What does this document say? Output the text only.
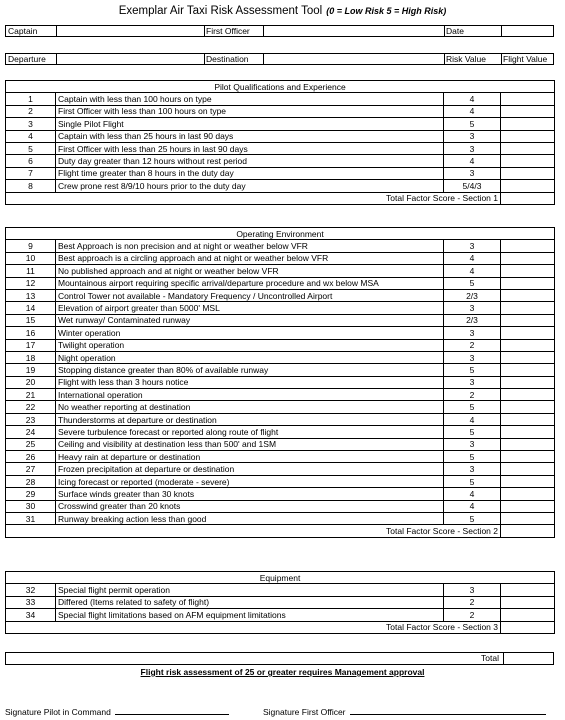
Exemplar Air Taxi Risk Assessment Tool (0 = Low Risk 5 = High Risk)
Captain	First Officer	Date
Departure	Destination	Risk Value Flight Value
Pilot Qualifications and Experience			
1	Captain with less than 100 hours on type	4	
2	First Officer with less than 100 hours on type	4	
3	Single Pilot Flight	5	
4	Captain with less than 25 hours in last 90 days	3	
5	First Officer with less than 25 hours in last 90 days	3	
6	Duty day greater than 12 hours without rest period	4	
7	Flight time greater than 8 hours in the duty day	3	
8	Crew prone rest 8/9/10 hours prior to the duty day	5/4/3	
Total Factor Score - Section 1			
Operating Environment			
9	Best Approach is non precision and at night or weather below VFR	3	
10	Best approach is a circling approach and at night or weather below VFR	4	
11	No published approach and at night or weather below VFR	4	
12	Mountainous airport requiring specific arrival/departure procedure and wx below MSA	5	
13	Control Tower not available - Mandatory Frequency / Uncontrolled Airport	2/3	
14	Elevation of airport greater than 5000' MSL	3	
15	Wet runway/ Contaminated runway	2/3	
16	Winter operation	3	
17	Twilight operation	2	
18	Night operation	3	
19	Stopping distance greater than 80% of available runway	5	
20	Flight with less than 3 hours notice	3	
21	International operation	2	
22	No weather reporting at destination	5	
23	Thunderstorms at departure or destination	4	
24	Severe turbulence forecast or reported along route of flight	5	
25	Ceiling and visibility at destination less than 500' and 1SM	3	
26	Heavy rain at departure or destination	5	
27	Frozen precipitation at departure or destination	3	
28	Icing forecast or reported (moderate - severe)	5	
29	Surface winds greater than 30 knots	4	
30	Crosswind greater than 20 knots	4	
31	Runway breaking action less than good	5	
Total Factor Score - Section 2			
Equipment			
32	Special flight permit operation	3	
33	Differed (Items related to safety of flight)	2	
34	Special flight limitations based on AFM equipment limitations	2	
Total Factor Score - Section 3			
Total
Flight risk assessment of 25 or greater requires Management approval
Signature Pilot in Command	Signature First Officer
